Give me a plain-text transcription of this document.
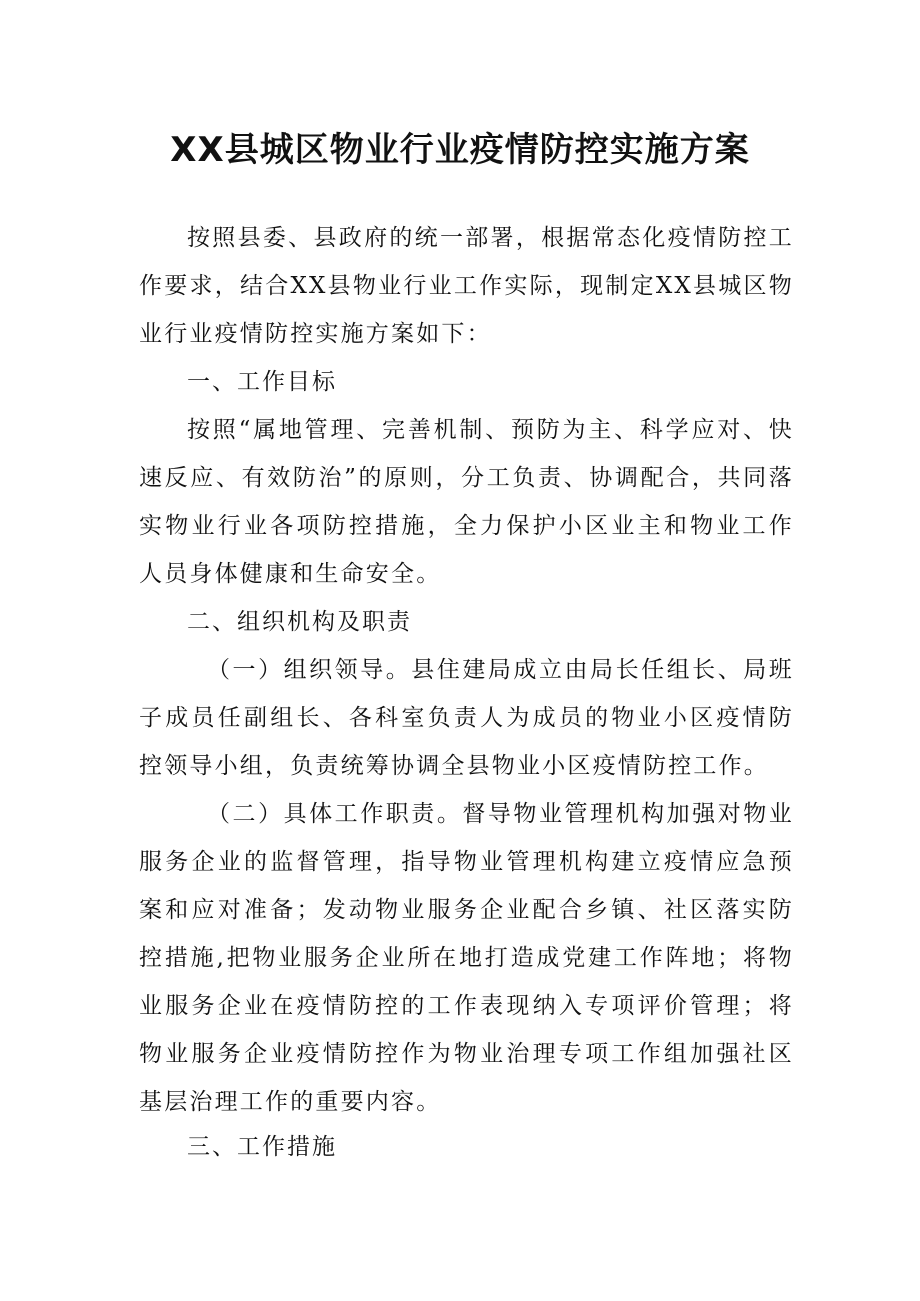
XX县城区物业行业疫情防控实施方案

按照县委、县政府的统一部署，根据常态化疫情防控工作要求，结合XX县物业行业工作实际，现制定XX县城区物业行业疫情防控实施方案如下：

一、工作目标

按照“属地管理、完善机制、预防为主、科学应对、快速反应、有效防治”的原则，分工负责、协调配合，共同落实物业行业各项防控措施，全力保护小区业主和物业工作人员身体健康和生命安全。

二、组织机构及职责

（一）组织领导。县住建局成立由局长任组长、局班子成员任副组长、各科室负责人为成员的物业小区疫情防控领导小组，负责统筹协调全县物业小区疫情防控工作。

（二）具体工作职责。督导物业管理机构加强对物业服务企业的监督管理，指导物业管理机构建立疫情应急预案和应对准备；发动物业服务企业配合乡镇、社区落实防控措施,把物业服务企业所在地打造成党建工作阵地；将物业服务企业在疫情防控的工作表现纳入专项评价管理；将物业服务企业疫情防控作为物业治理专项工作组加强社区基层治理工作的重要内容。

三、工作措施
